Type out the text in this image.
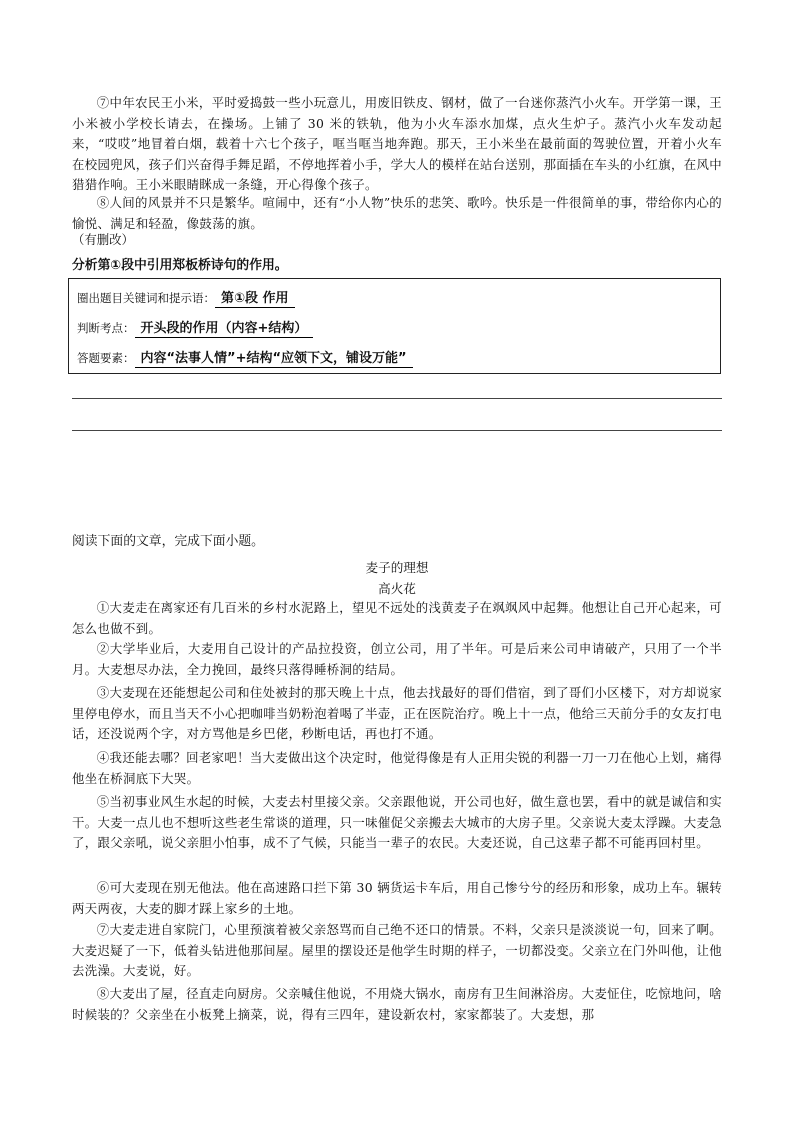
⑦中年农民王小米，平时爱捣鼓一些小玩意儿，用废旧铁皮、钢材，做了一台迷你蒸汽小火车。开学第一课，王小米被小学校长请去，在操场。上铺了 30 米的铁轨，他为小火车添水加煤，点火生炉子。蒸汽小火车发动起来，“哎哎”地冒着白烟，载着十六七个孩子，哐当哐当地奔跑。那天，王小米坐在最前面的驾驶位置，开着小火车在校园兜风，孩子们兴奋得手舞足蹈，不停地挥着小手，学大人的模样在站台送别，那面插在车头的小红旗，在风中猎猎作响。王小米眼睛眯成一条缝，开心得像个孩子。

⑧人间的风景并不只是繁华。喧闹中，还有“小人物”快乐的悲笑、歌吟。快乐是一件很简单的事，带给你内心的愉悦、满足和轻盈，像鼓荡的旗。

（有删改）

分析第①段中引用郑板桥诗句的作用。

圈出题目关键词和提示语： 第①段 作用
判断考点： 开头段的作用（内容+结构）
答题要素： 内容“法事人情”+结构“应领下文，铺设万能”

阅读下面的文章，完成下面小题。

麦子的理想
高火花

①大麦走在离家还有几百米的乡村水泥路上，望见不远处的浅黄麦子在飒飒风中起舞。他想让自己开心起来，可怎么也做不到。

②大学毕业后，大麦用自己设计的产品拉投资，创立公司，用了半年。可是后来公司申请破产，只用了一个半月。大麦想尽办法，全力挽回，最终只落得睡桥洞的结局。

③大麦现在还能想起公司和住处被封的那天晚上十点，他去找最好的哥们借宿，到了哥们小区楼下，对方却说家里停电停水，而且当天不小心把咖啡当奶粉泡着喝了半壶，正在医院治疗。晚上十一点，他给三天前分手的女友打电话，还没说两个字，对方骂他是乡巴佬，秒断电话，再也打不通。

④我还能去哪？回老家吧！当大麦做出这个决定时，他觉得像是有人正用尖锐的利器一刀一刀在他心上划，痛得他坐在桥洞底下大哭。

⑤当初事业风生水起的时候，大麦去村里接父亲。父亲跟他说，开公司也好，做生意也罢，看中的就是诚信和实干。大麦一点儿也不想听这些老生常谈的道理，只一味催促父亲搬去大城市的大房子里。父亲说大麦太浮躁。大麦急了，跟父亲吼，说父亲胆小怕事，成不了气候，只能当一辈子的农民。大麦还说，自己这辈子都不可能再回村里。

⑥可大麦现在别无他法。他在高速路口拦下第 30 辆货运卡车后，用自己惨兮兮的经历和形象，成功上车。辗转两天两夜，大麦的脚才踩上家乡的土地。

⑦大麦走进自家院门，心里预演着被父亲怒骂而自己绝不还口的情景。不料，父亲只是淡淡说一句，回来了啊。大麦迟疑了一下，低着头钻进他那间屋。屋里的摆设还是他学生时期的样子，一切都没变。父亲立在门外叫他，让他去洗澡。大麦说，好。

⑧大麦出了屋，径直走向厨房。父亲喊住他说，不用烧大锅水，南房有卫生间淋浴房。大麦怔住，吃惊地问，啥时候装的？父亲坐在小板凳上摘菜，说，得有三四年，建设新农村，家家都装了。大麦想，那
